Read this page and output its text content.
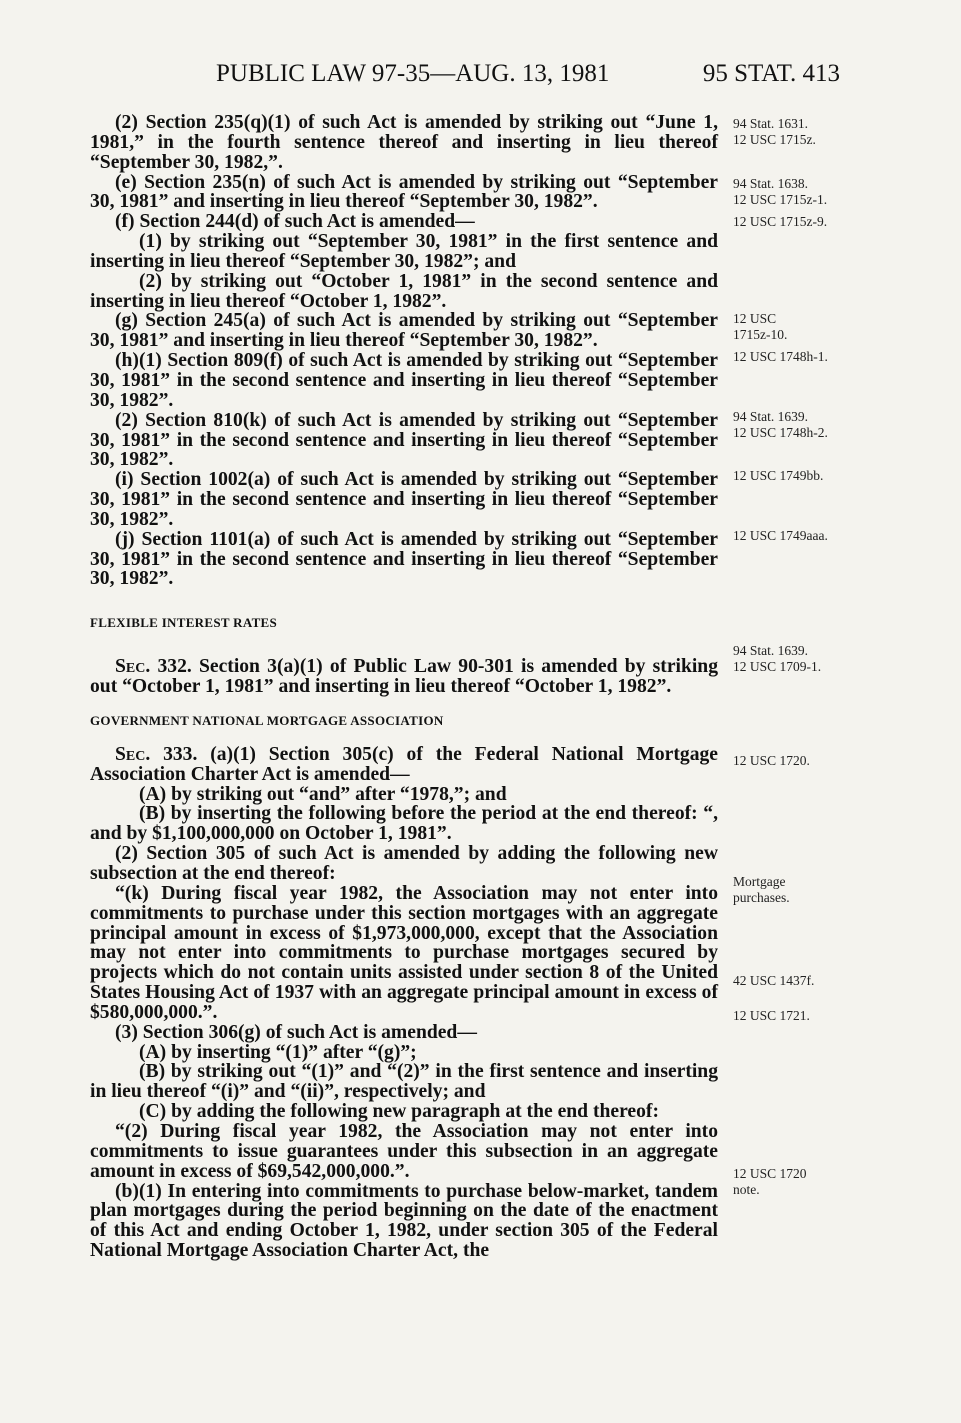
PUBLIC LAW 97-35—AUG. 13, 1981	95 STAT. 413

(2) Section 235(q)(1) of such Act is amended by striking out “June 1, 1981,” in the fourth sentence thereof and inserting in lieu thereof “September 30, 1982,”.

(e) Section 235(n) of such Act is amended by striking out “September 30, 1981” and inserting in lieu thereof “September 30, 1982”.

(f) Section 244(d) of such Act is amended—

(1) by striking out “September 30, 1981” in the first sentence and inserting in lieu thereof “September 30, 1982”; and

(2) by striking out “October 1, 1981” in the second sentence and inserting in lieu thereof “October 1, 1982”.

(g) Section 245(a) of such Act is amended by striking out “September 30, 1981” and inserting in lieu thereof “September 30, 1982”.

(h)(1) Section 809(f) of such Act is amended by striking out “September 30, 1981” in the second sentence and inserting in lieu thereof “September 30, 1982”.

(2) Section 810(k) of such Act is amended by striking out “September 30, 1981” in the second sentence and inserting in lieu thereof “September 30, 1982”.

(i) Section 1002(a) of such Act is amended by striking out “September 30, 1981” in the second sentence and inserting in lieu thereof “September 30, 1982”.

(j) Section 1101(a) of such Act is amended by striking out “September 30, 1981” in the second sentence and inserting in lieu thereof “September 30, 1982”.

FLEXIBLE INTEREST RATES

Sec. 332. Section 3(a)(1) of Public Law 90-301 is amended by striking out “October 1, 1981” and inserting in lieu thereof “October 1, 1982”.

GOVERNMENT NATIONAL MORTGAGE ASSOCIATION

Sec. 333. (a)(1) Section 305(c) of the Federal National Mortgage Association Charter Act is amended—

(A) by striking out “and” after “1978,”; and

(B) by inserting the following before the period at the end thereof: “, and by $1,100,000,000 on October 1, 1981”.

(2) Section 305 of such Act is amended by adding the following new subsection at the end thereof:

“(k) During fiscal year 1982, the Association may not enter into commitments to purchase under this section mortgages with an aggregate principal amount in excess of $1,973,000,000, except that the Association may not enter into commitments to purchase mortgages secured by projects which do not contain units assisted under section 8 of the United States Housing Act of 1937 with an aggregate principal amount in excess of $580,000,000.”.

(3) Section 306(g) of such Act is amended—

(A) by inserting “(1)” after “(g)”;

(B) by striking out “(1)” and “(2)” in the first sentence and inserting in lieu thereof “(i)” and “(ii)”, respectively; and

(C) by adding the following new paragraph at the end thereof:

“(2) During fiscal year 1982, the Association may not enter into commitments to issue guarantees under this subsection in an aggregate amount in excess of $69,542,000,000.”.

(b)(1) In entering into commitments to purchase below-market, tandem plan mortgages during the period beginning on the date of the enactment of this Act and ending October 1, 1982, under section 305 of the Federal National Mortgage Association Charter Act, the

94 Stat. 1631.
12 USC 1715z.
94 Stat. 1638.
12 USC 1715z-1.
12 USC 1715z-9.
12 USC
1715z-10.
12 USC 1748h-1.
94 Stat. 1639.
12 USC 1748h-2.
12 USC 1749bb.
12 USC 1749aaa.
94 Stat. 1639.
12 USC 1709-1.
12 USC 1720.
Mortgage
purchases.
42 USC 1437f.
12 USC 1721.
12 USC 1720
note.
